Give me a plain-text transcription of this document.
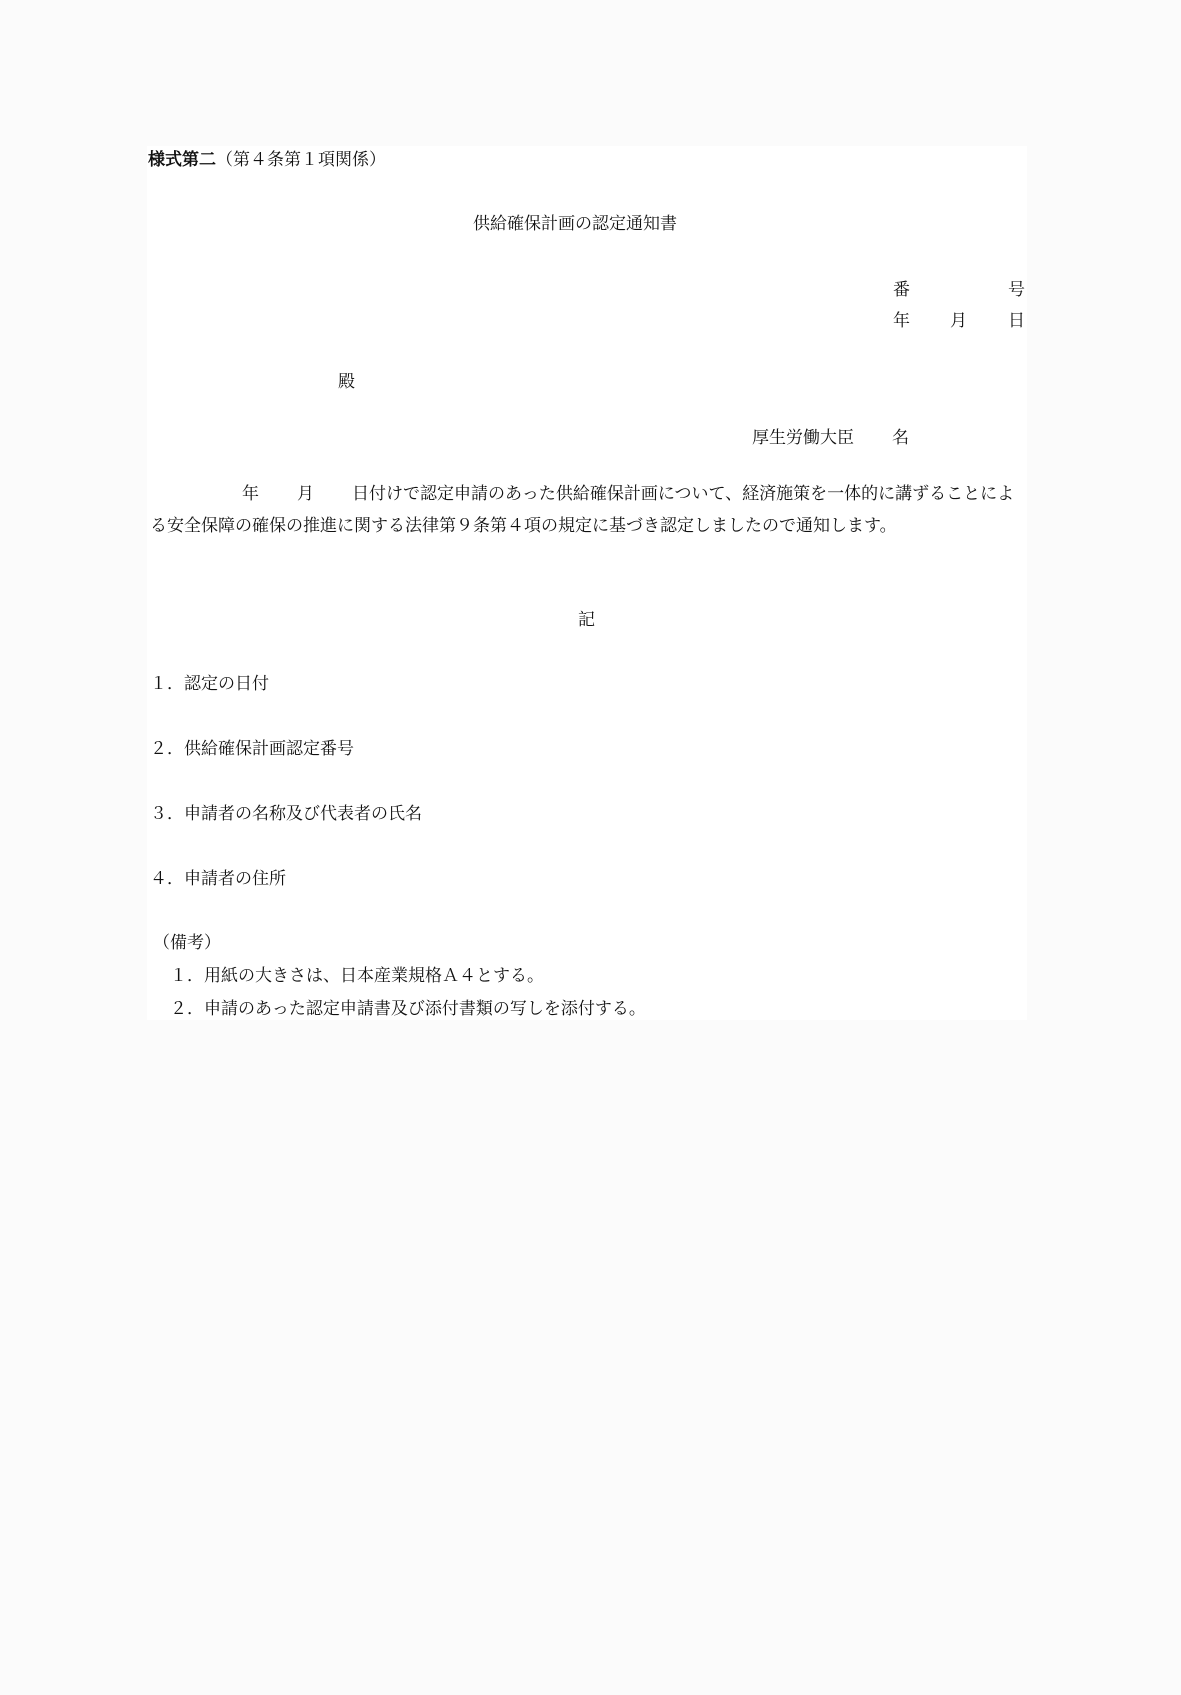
様式第二（第４条第１項関係）
供給確保計画の認定通知書
番	号
年 月 日
殿
厚生労働大臣 名
年 月 日付けで認定申請のあった供給確保計画について、経済施策を一体的に講ずることによる安全保障の確保の推進に関する法律第９条第４項の規定に基づき認定しましたので通知します。
記
１．認定の日付
２．供給確保計画認定番号
３．申請者の名称及び代表者の氏名
４．申請者の住所
（備考）
１．用紙の大きさは、日本産業規格Ａ４とする。
２．申請のあった認定申請書及び添付書類の写しを添付する。
